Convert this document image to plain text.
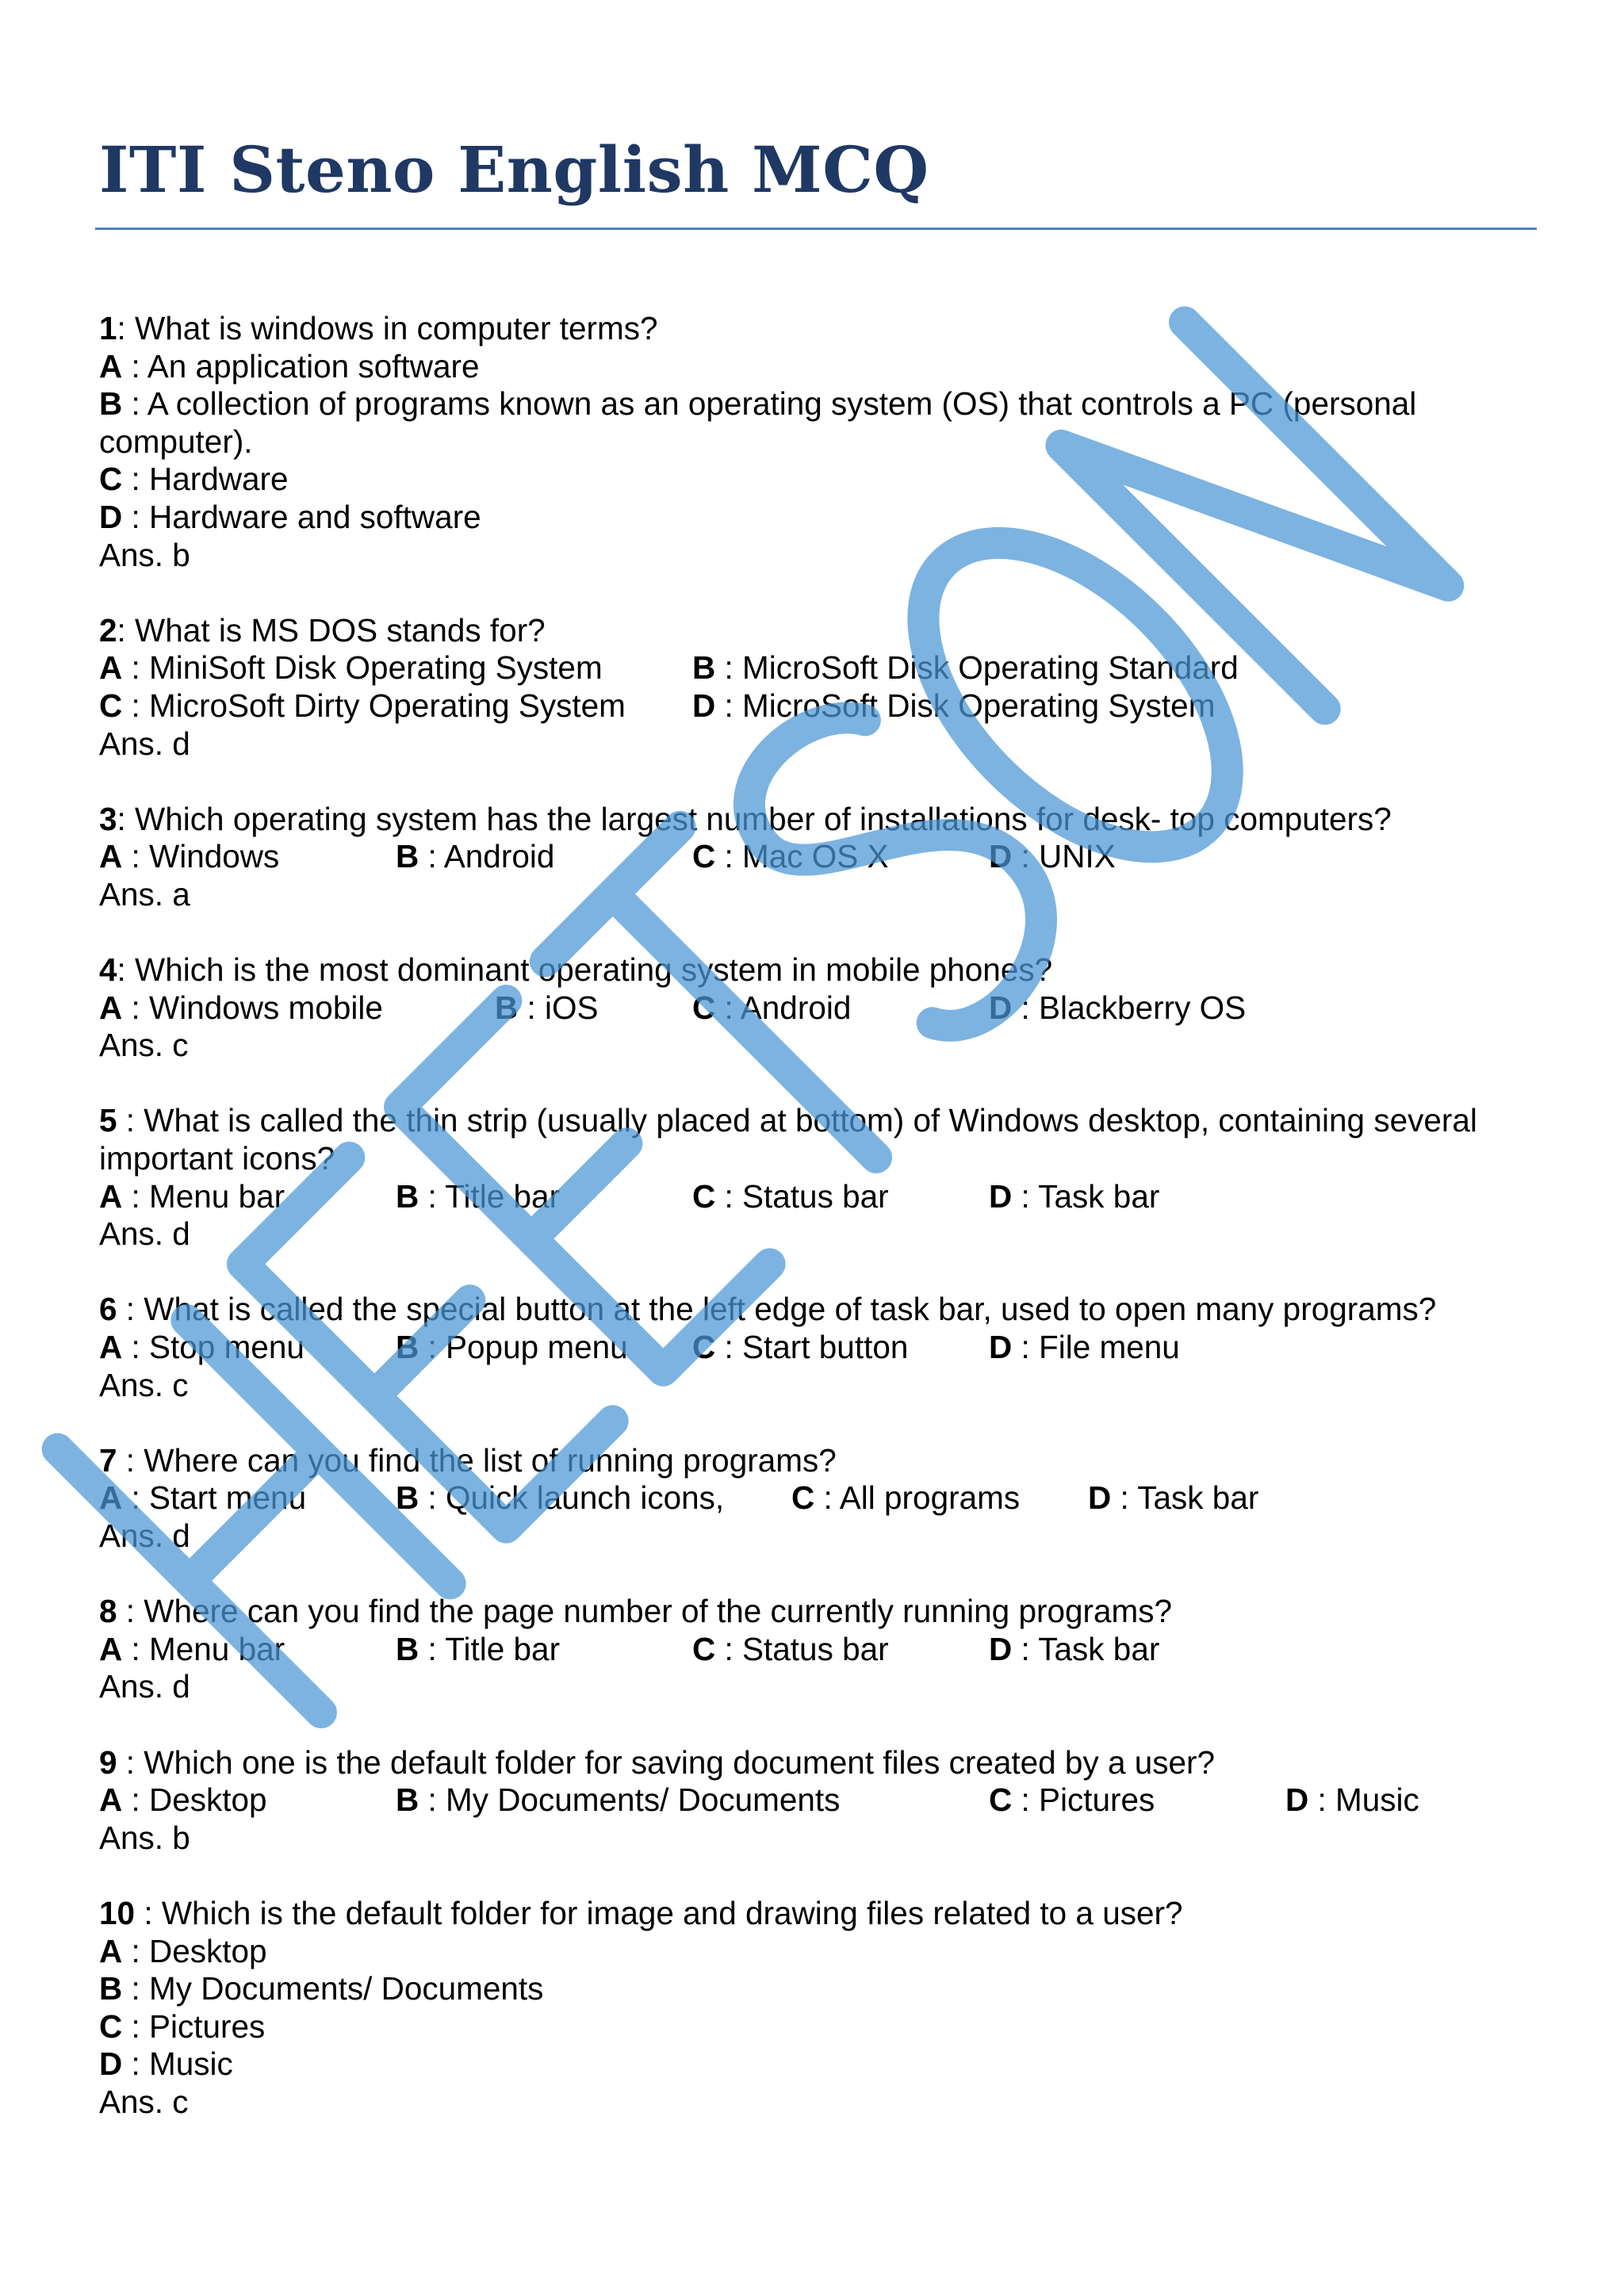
ITI Steno English MCQ
1: What is windows in computer terms?
A : An application software
B : A collection of programs known as an operating system (OS) that controls a PC (personal computer).
C : Hardware
D : Hardware and software
Ans. b
2: What is MS DOS stands for?
A : MiniSoft Disk Operating System	B : MicroSoft Disk Operating Standard
C : MicroSoft Dirty Operating System	D : MicroSoft Disk Operating System
Ans. d
3: Which operating system has the largest number of installations for desk- top computers?
A : Windows	B : Android	C : Mac OS X	D : UNIX
Ans. a
4: Which is the most dominant operating system in mobile phones?
A : Windows mobile	B : iOS	C : Android	D : Blackberry OS
Ans. c
5 : What is called the thin strip (usually placed at bottom) of Windows desktop, containing several important icons?
A : Menu bar	B : Title bar	C : Status bar	D : Task bar
Ans. d
6 : What is called the special button at the left edge of task bar, used to open many programs?
A : Stop menu	B : Popup menu	C : Start button	D : File menu
Ans. c
7 : Where can you find the list of running programs?
A : Start menu	B : Quick launch icons,	C : All programs	D : Task bar
Ans. d
8 : Where can you find the page number of the currently running programs?
A : Menu bar	B : Title bar	C : Status bar	D : Task bar
Ans. d
9 : Which one is the default folder for saving document files created by a user?
A : Desktop	B : My Documents/ Documents	C : Pictures	D : Music
Ans. b
10 : Which is the default folder for image and drawing files related to a user?
A : Desktop
B : My Documents/ Documents
C : Pictures
D : Music
Ans. c
